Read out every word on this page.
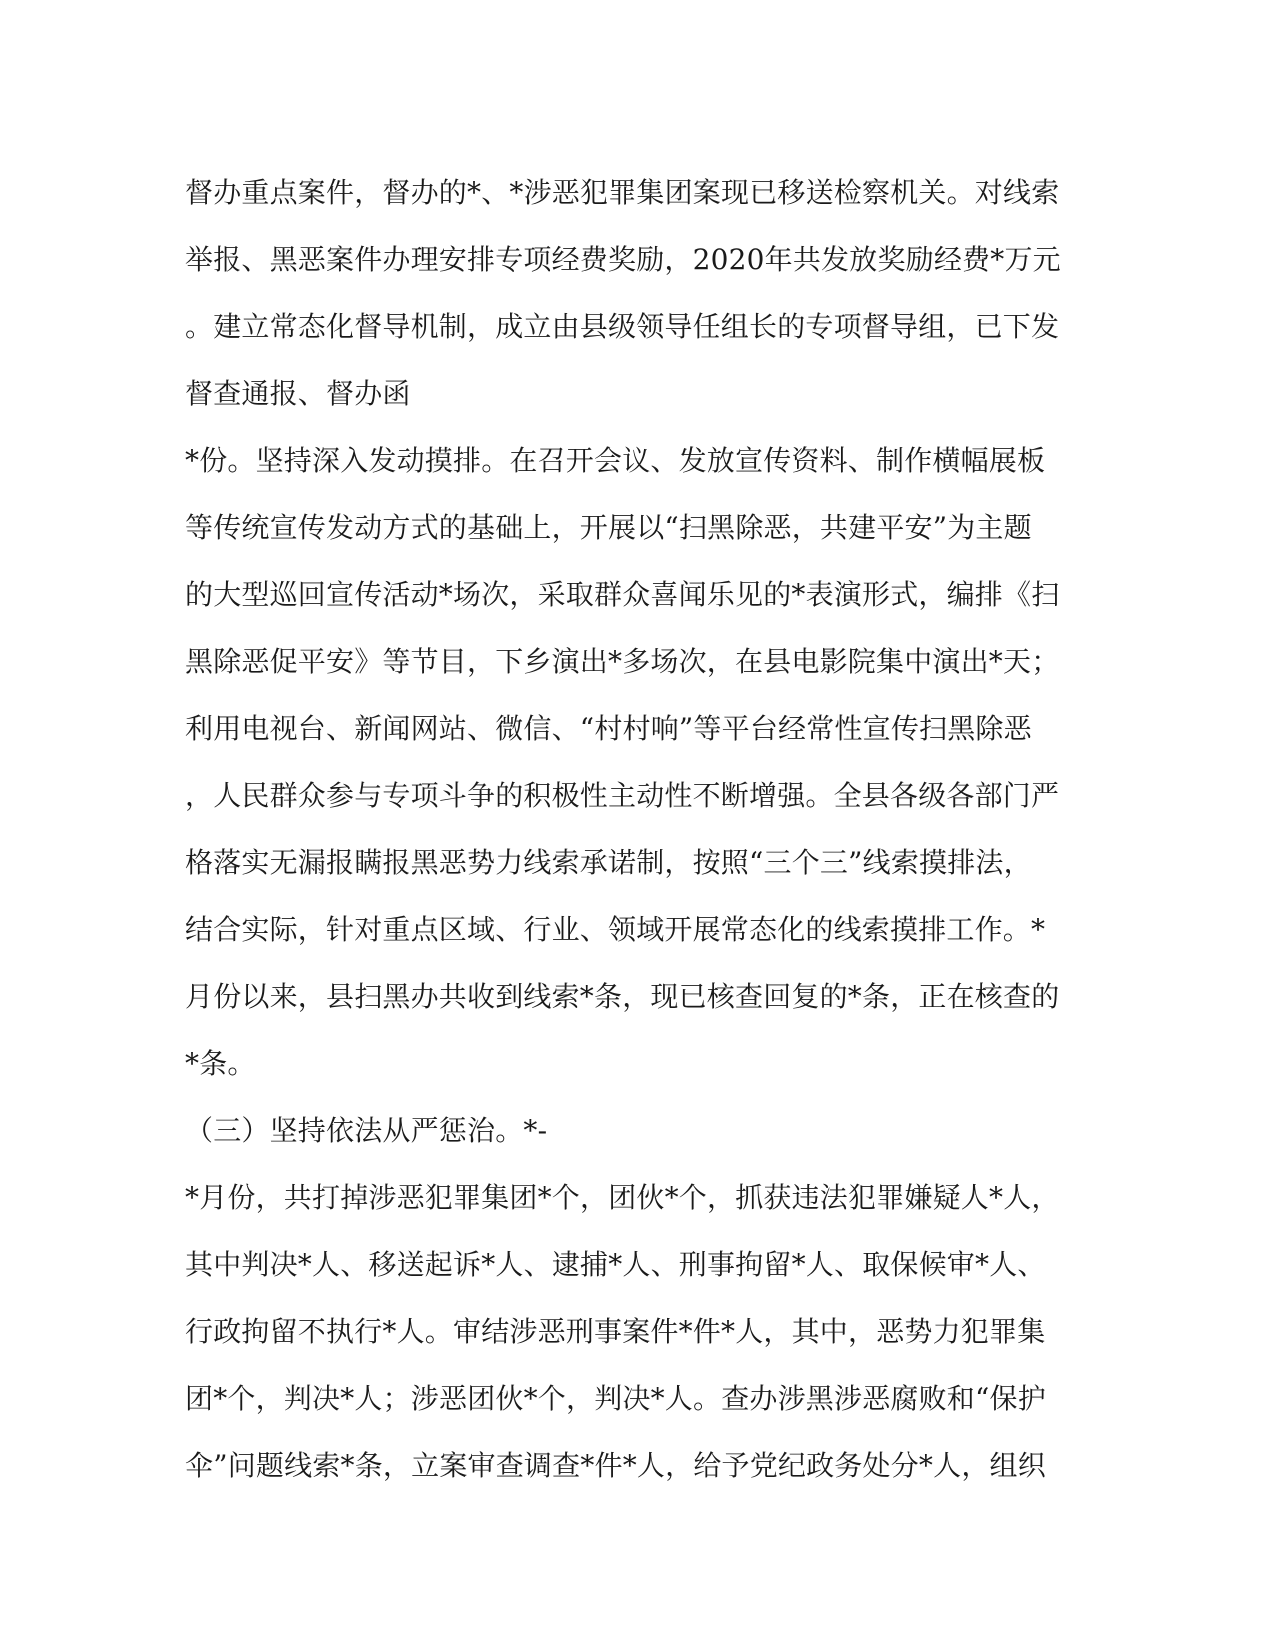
督办重点案件，督办的*、*涉恶犯罪集团案现已移送检察机关。对线索
举报、黑恶案件办理安排专项经费奖励，2020年共发放奖励经费*万元
。建立常态化督导机制，成立由县级领导任组长的专项督导组，已下发
督查通报、督办函
*份。坚持深入发动摸排。在召开会议、发放宣传资料、制作横幅展板
等传统宣传发动方式的基础上，开展以“扫黑除恶，共建平安”为主题
的大型巡回宣传活动*场次，采取群众喜闻乐见的*表演形式，编排《扫
黑除恶促平安》等节目，下乡演出*多场次，在县电影院集中演出*天；
利用电视台、新闻网站、微信、“村村响”等平台经常性宣传扫黑除恶
，人民群众参与专项斗争的积极性主动性不断增强。全县各级各部门严
格落实无漏报瞒报黑恶势力线索承诺制，按照“三个三”线索摸排法，
结合实际，针对重点区域、行业、领域开展常态化的线索摸排工作。*
月份以来，县扫黑办共收到线索*条，现已核查回复的*条，正在核查的
*条。
（三）坚持依法从严惩治。*-
*月份，共打掉涉恶犯罪集团*个，团伙*个，抓获违法犯罪嫌疑人*人，
其中判决*人、移送起诉*人、逮捕*人、刑事拘留*人、取保候审*人、
行政拘留不执行*人。审结涉恶刑事案件*件*人，其中，恶势力犯罪集
团*个，判决*人；涉恶团伙*个，判决*人。查办涉黑涉恶腐败和“保护
伞”问题线索*条，立案审查调查*件*人，给予党纪政务处分*人，组织
